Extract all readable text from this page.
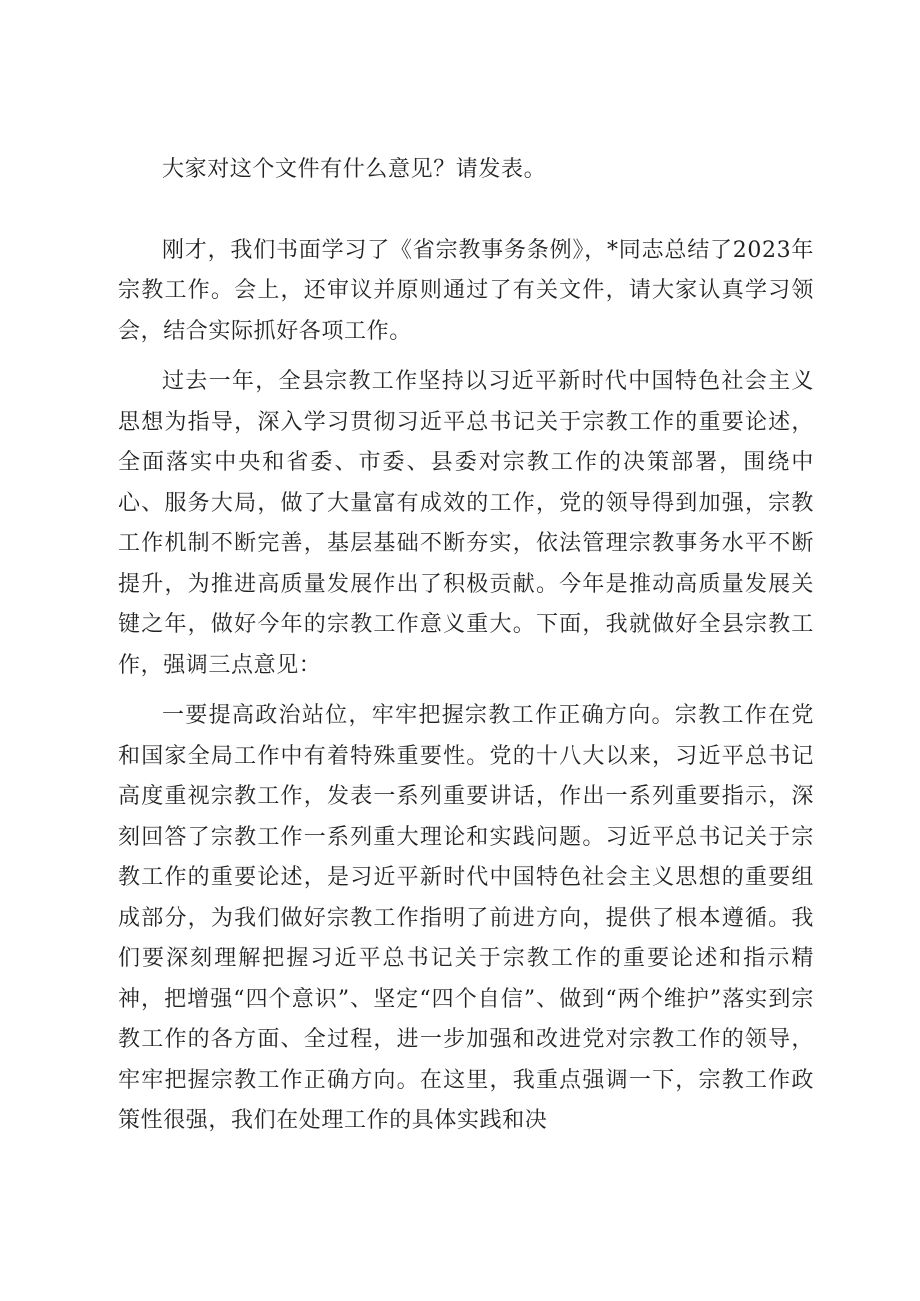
大家对这个文件有什么意见？请发表。

刚才，我们书面学习了《省宗教事务条例》，*同志总结了2023年宗教工作。会上，还审议并原则通过了有关文件，请大家认真学习领会，结合实际抓好各项工作。

过去一年，全县宗教工作坚持以习近平新时代中国特色社会主义思想为指导，深入学习贯彻习近平总书记关于宗教工作的重要论述，全面落实中央和省委、市委、县委对宗教工作的决策部署，围绕中心、服务大局，做了大量富有成效的工作，党的领导得到加强，宗教工作机制不断完善，基层基础不断夯实，依法管理宗教事务水平不断提升，为推进高质量发展作出了积极贡献。今年是推动高质量发展关键之年，做好今年的宗教工作意义重大。下面，我就做好全县宗教工作，强调三点意见：

一要提高政治站位，牢牢把握宗教工作正确方向。宗教工作在党和国家全局工作中有着特殊重要性。党的十八大以来，习近平总书记高度重视宗教工作，发表一系列重要讲话，作出一系列重要指示，深刻回答了宗教工作一系列重大理论和实践问题。习近平总书记关于宗教工作的重要论述，是习近平新时代中国特色社会主义思想的重要组成部分，为我们做好宗教工作指明了前进方向，提供了根本遵循。我们要深刻理解把握习近平总书记关于宗教工作的重要论述和指示精神，把增强“四个意识”、坚定“四个自信”、做到“两个维护”落实到宗教工作的各方面、全过程，进一步加强和改进党对宗教工作的领导，牢牢把握宗教工作正确方向。在这里，我重点强调一下，宗教工作政策性很强，我们在处理工作的具体实践和决
